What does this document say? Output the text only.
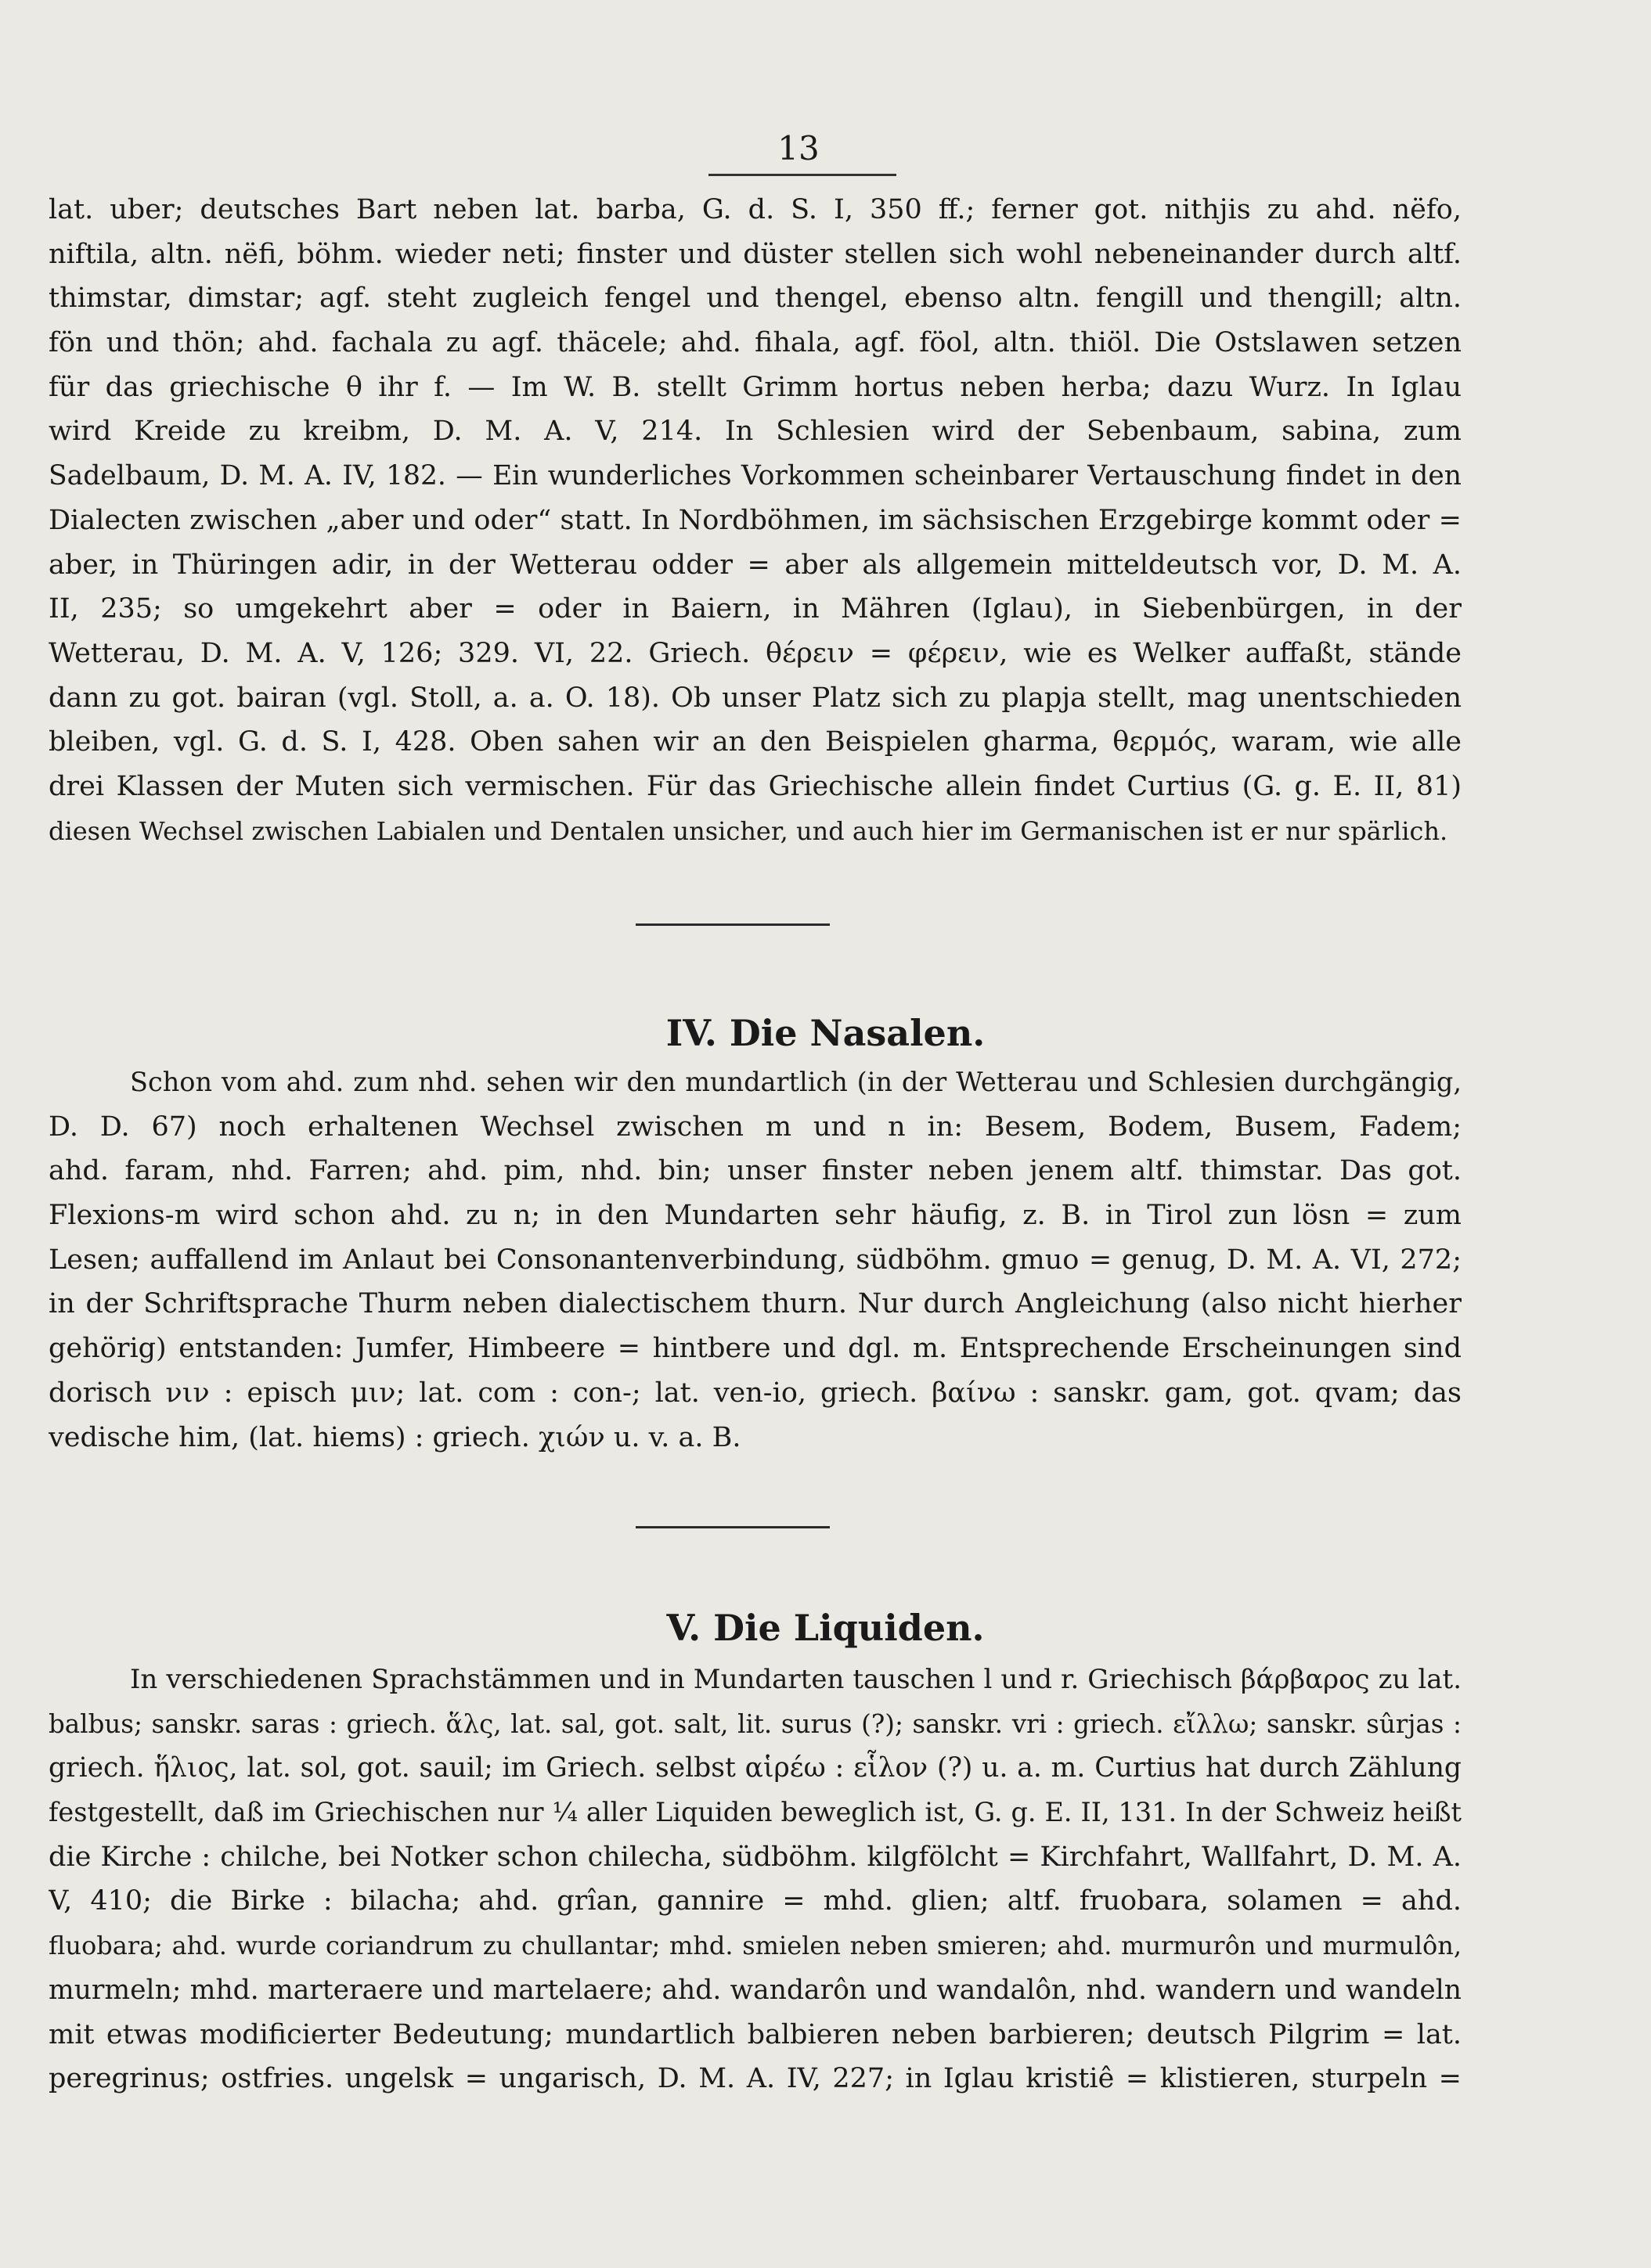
13
lat. uber; deutsches Bart neben lat. barba, G. d. S. I, 350 ff.; ferner got. nithjis zu ahd. nëfo,
niftila, altn. nëfi, böhm. wieder neti; finster und düster stellen sich wohl nebeneinander durch altf.
thimstar, dimstar; agf. steht zugleich fengel und thengel, ebenso altn. fengill und thengill; altn.
fön und thön; ahd. fachala zu agf. thäcele; ahd. fihala, agf. föol, altn. thiöl. Die Ostslawen setzen
für das griechische θ ihr f. — Im W. B. stellt Grimm hortus neben herba; dazu Wurz. In Iglau
wird Kreide zu kreibm, D. M. A. V, 214. In Schlesien wird der Sebenbaum, sabina, zum
Sadelbaum, D. M. A. IV, 182. — Ein wunderliches Vorkommen scheinbarer Vertauschung findet in den
Dialecten zwischen „aber und oder“ statt. In Nordböhmen, im sächsischen Erzgebirge kommt oder =
aber, in Thüringen adir, in der Wetterau odder = aber als allgemein mitteldeutsch vor, D. M. A.
II, 235; so umgekehrt aber = oder in Baiern, in Mähren (Iglau), in Siebenbürgen, in der
Wetterau, D. M. A. V, 126; 329. VI, 22. Griech. θέρειν = φέρειν, wie es Welker auffaßt, stände
dann zu got. bairan (vgl. Stoll, a. a. O. 18). Ob unser Platz sich zu plapja stellt, mag unentschieden
bleiben, vgl. G. d. S. I, 428. Oben sahen wir an den Beispielen gharma, θερμός, waram, wie alle
drei Klassen der Muten sich vermischen. Für das Griechische allein findet Curtius (G. g. E. II, 81)
diesen Wechsel zwischen Labialen und Dentalen unsicher, und auch hier im Germanischen ist er nur spärlich.
IV. Die Nasalen.
Schon vom ahd. zum nhd. sehen wir den mundartlich (in der Wetterau und Schlesien durchgängig,
D. D. 67) noch erhaltenen Wechsel zwischen m und n in: Besem, Bodem, Busem, Fadem;
ahd. faram, nhd. Farren; ahd. pim, nhd. bin; unser finster neben jenem altf. thimstar. Das got.
Flexions-m wird schon ahd. zu n; in den Mundarten sehr häufig, z. B. in Tirol zun lösn = zum
Lesen; auffallend im Anlaut bei Consonantenverbindung, südböhm. gmuo = genug, D. M. A. VI, 272;
in der Schriftsprache Thurm neben dialectischem thurn. Nur durch Angleichung (also nicht hierher
gehörig) entstanden: Jumfer, Himbeere = hintbere und dgl. m. Entsprechende Erscheinungen sind
dorisch νιν : episch μιν; lat. com : con-; lat. ven-io, griech. βαίνω : sanskr. gam, got. qvam; das
vedische him, (lat. hiems) : griech. χιών u. v. a. B.
V. Die Liquiden.
In verschiedenen Sprachstämmen und in Mundarten tauschen l und r. Griechisch βάρβαρος zu lat.
balbus; sanskr. saras : griech. ἅλς, lat. sal, got. salt, lit. surus (?); sanskr. vri : griech. εἴλλω; sanskr. sûrjas :
griech. ἥλιος, lat. sol, got. sauil; im Griech. selbst αἱρέω : εἷλον (?) u. a. m. Curtius hat durch Zählung
festgestellt, daß im Griechischen nur ¼ aller Liquiden beweglich ist, G. g. E. II, 131. In der Schweiz heißt
die Kirche : chilche, bei Notker schon chilecha, südböhm. kilgfölcht = Kirchfahrt, Wallfahrt, D. M. A.
V, 410; die Birke : bilacha; ahd. grîan, gannire = mhd. glien; altf. fruobara, solamen = ahd.
fluobara; ahd. wurde coriandrum zu chullantar; mhd. smielen neben smieren; ahd. murmurôn und murmulôn,
murmeln; mhd. marteraere und martelaere; ahd. wandarôn und wandalôn, nhd. wandern und wandeln
mit etwas modificierter Bedeutung; mundartlich balbieren neben barbieren; deutsch Pilgrim = lat.
peregrinus; ostfries. ungelsk = ungarisch, D. M. A. IV, 227; in Iglau kristiê = klistieren, sturpeln =
